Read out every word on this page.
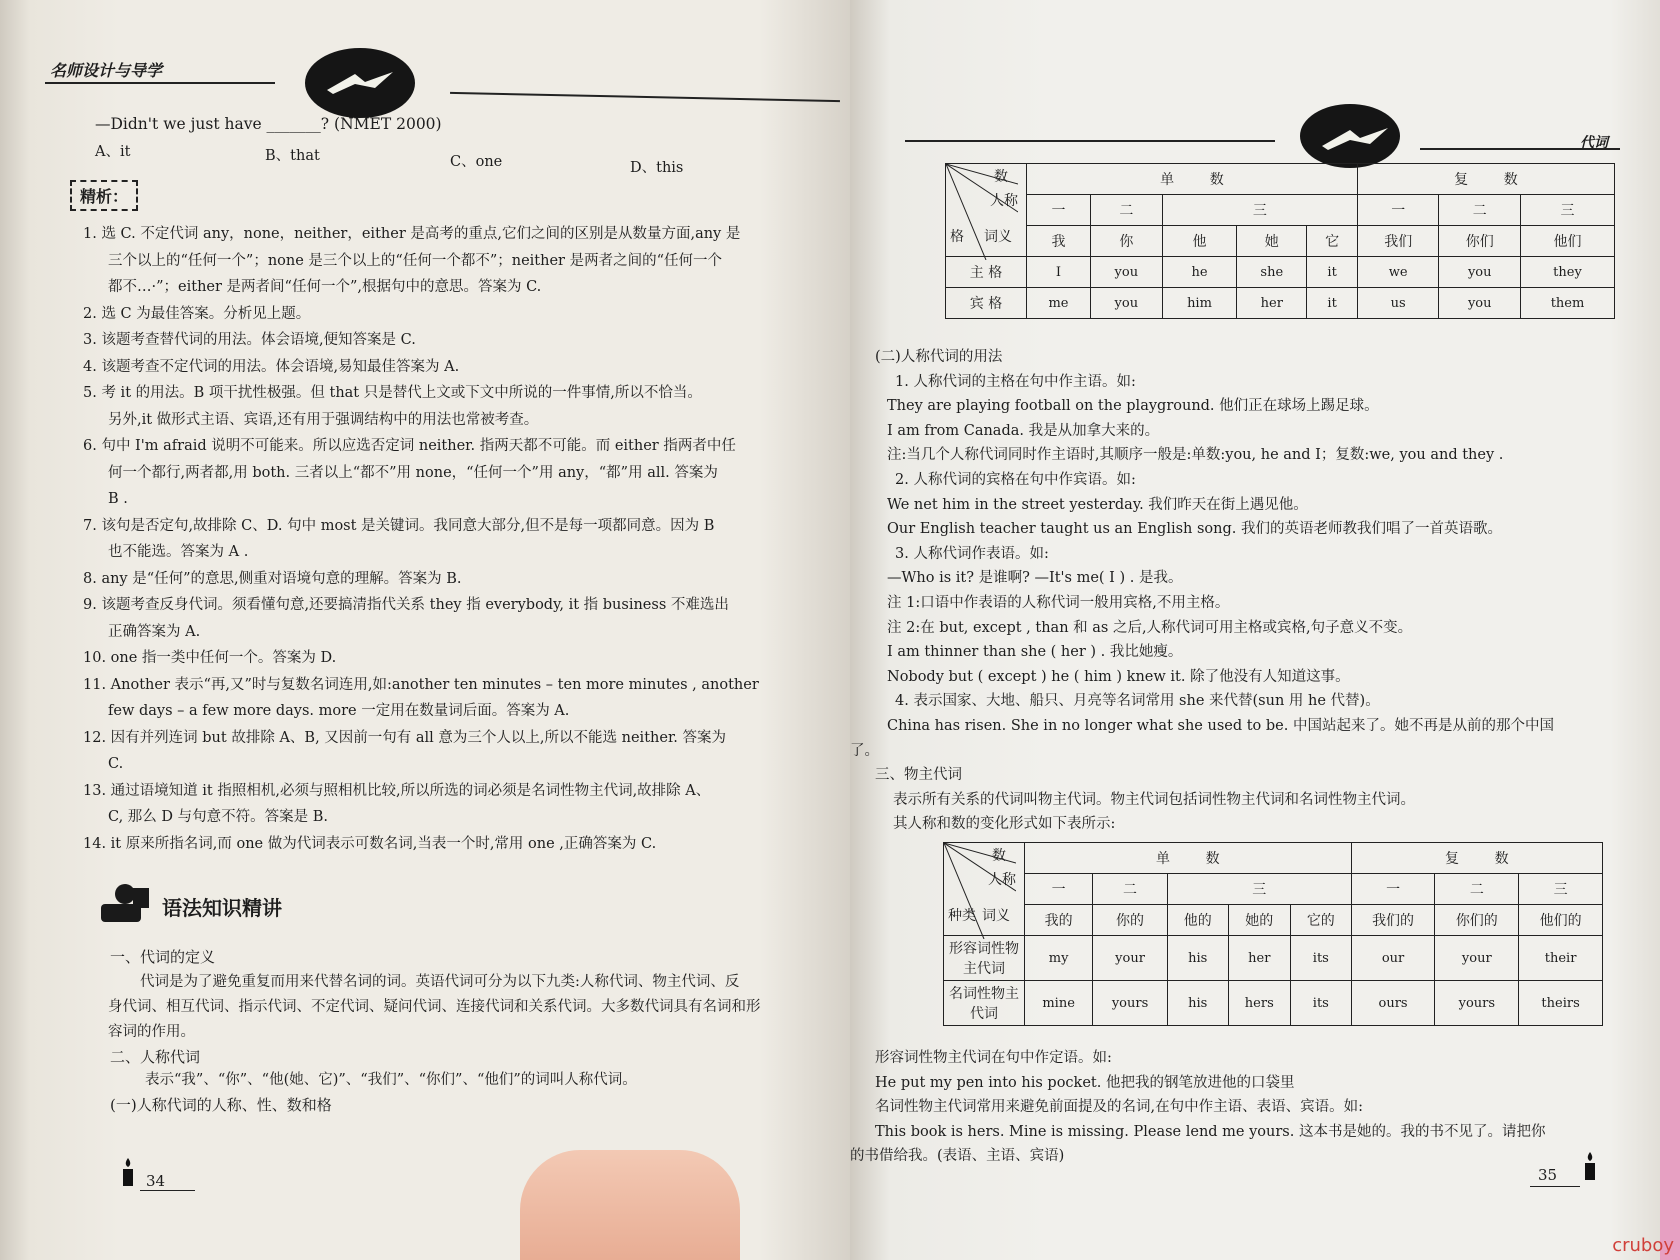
名师设计与导学
—Didn't we just have _______? (NMET 2000)
A、it	B、that	C、one	D、this
精析：
1. 选 C. 不定代词 any，none，neither，either 是高考的重点,它们之间的区别是从数量方面,any 是
三个以上的“任何一个”；none 是三个以上的“任何一个都不”；neither 是两者之间的“任何一个
都不…·”；either 是两者间“任何一个”,根据句中的意思。答案为 C.
2. 选 C 为最佳答案。分析见上题。
3. 该题考查替代词的用法。体会语境,便知答案是 C.
4. 该题考查不定代词的用法。体会语境,易知最佳答案为 A.
5. 考 it 的用法。B 项干扰性极强。但 that 只是替代上文或下文中所说的一件事情,所以不恰当。
另外,it 做形式主语、宾语,还有用于强调结构中的用法也常被考查。
6. 句中 I'm afraid 说明不可能来。所以应选否定词 neither. 指两天都不可能。而 either 指两者中任
何一个都行,两者都,用 both. 三者以上“都不”用 none，“任何一个”用 any，“都”用 all. 答案为
B .
7. 该句是否定句,故排除 C、D. 句中 most 是关键词。我同意大部分,但不是每一项都同意。因为 B
也不能选。答案为 A .
8. any 是“任何”的意思,侧重对语境句意的理解。答案为 B.
9. 该题考查反身代词。须看懂句意,还要搞清指代关系 they 指 everybody, it 指 business 不难选出
正确答案为 A.
10. one 指一类中任何一个。答案为 D.
11. Another 表示“再,又”时与复数名词连用,如:another ten minutes – ten more minutes , another
few days – a few more days. more 一定用在数量词后面。答案为 A.
12. 因有并列连词 but 故排除 A、B, 又因前一句有 all 意为三个人以上,所以不能选 neither. 答案为
C.
13. 通过语境知道 it 指照相机,必须与照相机比较,所以所选的词必须是名词性物主代词,故排除 A、
C, 那么 D 与句意不符。答案是 B.
14. it 原来所指名词,而 one 做为代词表示可数名词,当表一个时,常用 one ,正确答案为 C.
语法知识精讲
一、代词的定义
代词是为了避免重复而用来代替名词的词。英语代词可分为以下九类:人称代词、物主代词、反
身代词、相互代词、指示代词、不定代词、疑问代词、连接代词和关系代词。大多数代词具有名词和形
容词的作用。
二、人称代词
表示“我”、“你”、“他(她、它)”、“我们”、“你们”、“他们”的词叫人称代词。
(一)人称代词的人称、性、数和格
34
代词
数
人称
格 词义	单 数					复 数		
	一	二	三			一	二	三
	我	你	他	她	它	我们	你们	他们
主 格	I	you	he	she	it	we	you	they
宾 格	me	you	him	her	it	us	you	them
(二)人称代词的用法
1. 人称代词的主格在句中作主语。如:
They are playing football on the playground. 他们正在球场上踢足球。
I am from Canada. 我是从加拿大来的。
注:当几个人称代词同时作主语时,其顺序一般是:单数:you, he and I；复数:we, you and they .
2. 人称代词的宾格在句中作宾语。如:
We net him in the street yesterday. 我们昨天在街上遇见他。
Our English teacher taught us an English song. 我们的英语老师教我们唱了一首英语歌。
3. 人称代词作表语。如:
—Who is it? 是谁啊? —It's me( I ) . 是我。
注 1:口语中作表语的人称代词一般用宾格,不用主格。
注 2:在 but, except , than 和 as 之后,人称代词可用主格或宾格,句子意义不变。
I am thinner than she ( her ) . 我比她瘦。
Nobody but ( except ) he ( him ) knew it. 除了他没有人知道这事。
4. 表示国家、大地、船只、月亮等名词常用 she 来代替(sun 用 he 代替)。
China has risen. She in no longer what she used to be. 中国站起来了。她不再是从前的那个中国
了。
三、物主代词
表示所有关系的代词叫物主代词。物主代词包括词性物主代词和名词性物主代词。
其人称和数的变化形式如下表所示:
数
人称
种类 词义	单 数					复 数		
	一	二	三			一	二	三
	我的	你的	他的	她的	它的	我们的	你们的	他们的
形容词性物主代词	my	your	his	her	its	our	your	their
名词性物主代词	mine	yours	his	hers	its	ours	yours	theirs
形容词性物主代词在句中作定语。如:
He put my pen into his pocket. 他把我的钢笔放进他的口袋里
名词性物主代词常用来避免前面提及的名词,在句中作主语、表语、宾语。如:
This book is hers. Mine is missing. Please lend me yours. 这本书是她的。我的书不见了。请把你
的书借给我。(表语、主语、宾语)
35
cruboy
